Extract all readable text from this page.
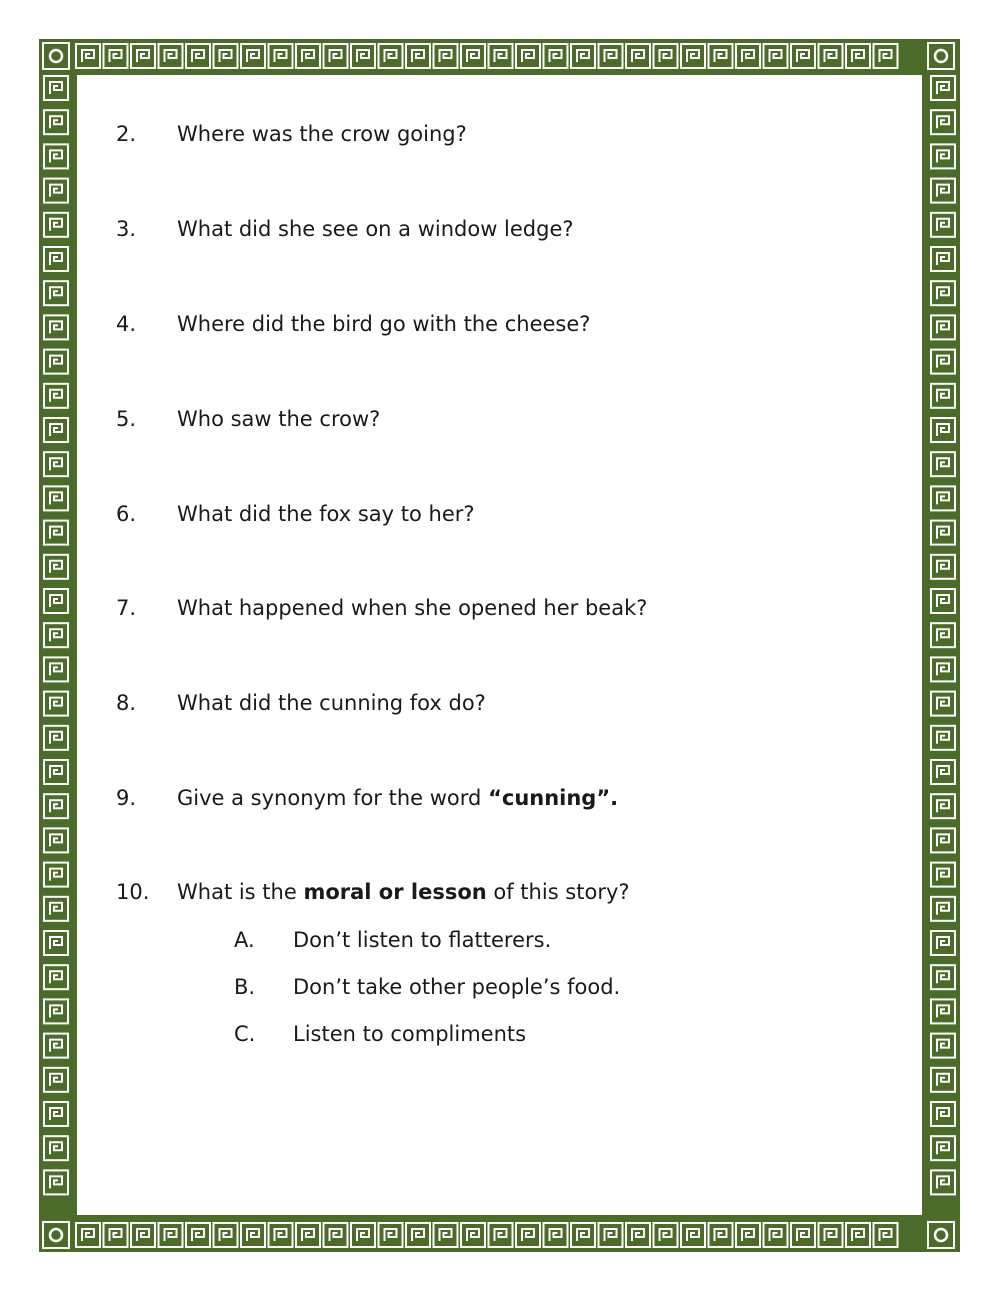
2. Where was the crow going?
3. What did she see on a window ledge?
4. Where did the bird go with the cheese?
5. Who saw the crow?
6. What did the fox say to her?
7. What happened when she opened her beak?
8. What did the cunning fox do?
9. Give a synonym for the word “cunning”.
10. What is the moral or lesson of this story?
A. Don’t listen to flatterers.
B. Don’t take other people’s food.
C. Listen to compliments
